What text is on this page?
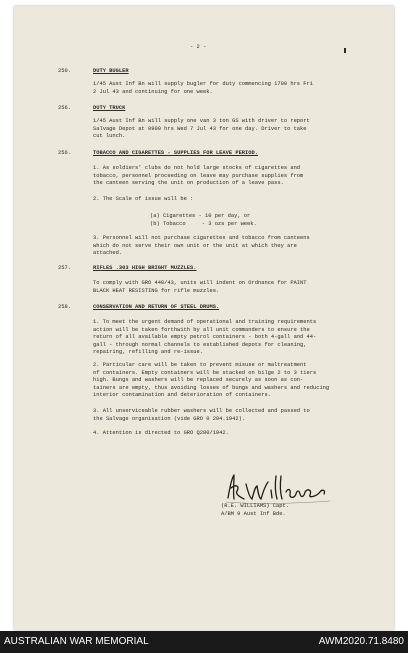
- 2 -
250.	DUTY BUGLER
1/45 Aust Inf Bn will supply bugler for duty commencing 1700 hrs Fri
2 Jul 43 and continuing for one week.
256.	DUTY TRUCK
1/45 Aust Inf Bn will supply one van 3 ton GS with driver to report
Salvage Depot at 0900 hrs Wed 7 Jul 43 for one day. Driver to take
cut lunch.
256.	TOBACCO AND CIGARETTES - SUPPLIES FOR LEAVE PERIOD.
1. As soldiers' clubs do not hold large stocks of cigarettes and
tobacco, personnel proceeding on leave may purchase supplies from
the canteen serving the unit on production of a leave pass.
2. The Scale of issue will be :
(a) Cigarettes - 10 per day, or
(b) Tobacco     - 3 ozs per week.
3. Personnel will not purchase cigarettes and tobacco from canteens
which do not serve their own unit or the unit at which they are
attached.
257.	RIFLES .303 HIGH BRIGHT MUZZLES.
To comply with GRO 440/43, units will indent on Ordnance for PAINT
BLACK HEAT RESISTING for rifle muzzles.
258.	CONSERVATION AND RETURN OF STEEL DRUMS.
1. To meet the urgent demand of operational and training requirements
action will be taken forthwith by all unit commanders to ensure the
return of all available empty petrol containers - both 4-gall and 44-
gall - through normal channels to established depots for cleaning,
repairing, refilling and re-issue.
2. Particular care will be taken to prevent misuse or maltreatment
of containers. Empty containers will be stacked on bilge 2 to 3 tiers
high. Bungs and washers will be replaced securely as soon as con-
tainers are empty, thus avoiding losses of bungs and washers and reducing
interior contamination and deterioration of containers.
3. All unserviceable rubber washers will be collected and passed to
the Salvage organisation (vide GRO 0 294.1942).
4. Attention is directed to GRO Q280/1942.
(R.E. WILLIAMS) Capt.
A/BM 9 Aust Inf Bde.
AUSTRALIAN WAR MEMORIAL	AWM2020.71.8480
